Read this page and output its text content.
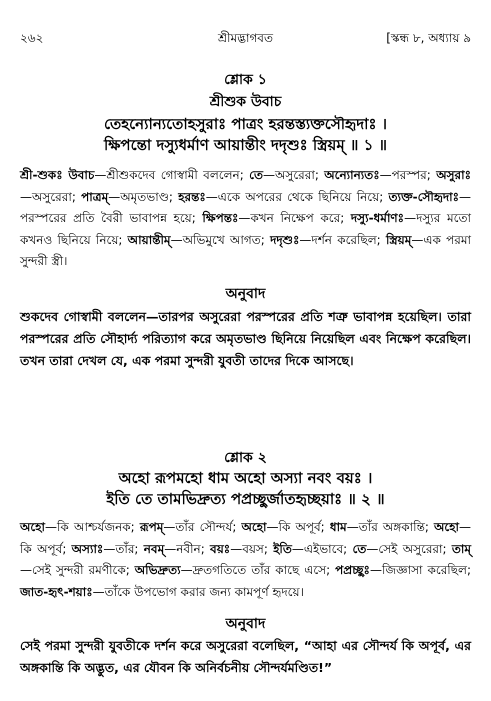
২৬২	শ্রীমদ্ভাগবত	[স্কন্ধ ৮, অধ্যায় ৯
শ্লোক ১
শ্রীশুক উবাচ
তেহন্যোন্যতোহসুরাঃ পাত্রং হরন্তস্ত্যক্তসৌহৃদাঃ ।
ক্ষিপন্তো দস্যুধর্মাণ আয়ান্তীং দদৃশুঃ স্ত্রিয়ম্ ॥ ১ ॥
শ্রী-শুকঃ উবাচ—শ্রীশুকদেব গোস্বামী বললেন; তে—অসুরেরা; অন্যোন্যতঃ—পরস্পর; অসুরাঃ—অসুরেরা; পাত্রম্—অমৃতভাণ্ড; হরন্তঃ—একে অপরের থেকে ছিনিয়ে নিয়ে; ত্যক্ত-সৌহৃদাঃ—পরস্পরের প্রতি বৈরী ভাবাপন্ন হয়ে; ক্ষিপন্তঃ—কখন নিক্ষেপ করে; দস্যু-ধর্মাণঃ—দস্যুর মতো কখনও ছিনিয়ে নিয়ে; আয়ান্তীম্—অভিমুখে আগত; দদৃশুঃ—দর্শন করেছিল; স্ত্রিয়ম্—এক পরমা সুন্দরী স্ত্রী।
অনুবাদ
শুকদেব গোস্বামী বললেন—তারপর অসুরেরা পরস্পরের প্রতি শত্রু ভাবাপন্ন হয়েছিল। তারা পরস্পরের প্রতি সৌহার্দ্য পরিত্যাগ করে অমৃতভাণ্ড ছিনিয়ে নিয়েছিল এবং নিক্ষেপ করেছিল। তখন তারা দেখল যে, এক পরমা সুন্দরী যুবতী তাদের দিকে আসছে।
শ্লোক ২
অহো রূপমহো ধাম অহো অস্যা নবং বয়ঃ ।
ইতি তে তামভিদ্রুত্য পপ্রচ্ছুর্জাতহৃচ্ছয়াঃ ॥ ২ ॥
অহো—কি আশ্চর্যজনক; রূপম্—তাঁর সৌন্দর্য; অহো—কি অপূর্ব; ধাম—তাঁর অঙ্গকান্তি; অহো—কি অপূর্ব; অস্যাঃ—তাঁর; নবম্—নবীন; বয়ঃ—বয়স; ইতি—এইভাবে; তে—সেই অসুরেরা; তাম্—সেই সুন্দরী রমণীকে; অভিদ্রুত্য—দ্রুতগতিতে তাঁর কাছে এসে; পপ্রচ্ছুঃ—জিজ্ঞাসা করেছিল; জাত-হৃৎ-শয়াঃ—তাঁকে উপভোগ করার জন্য কামপূর্ণ হৃদয়ে।
অনুবাদ
সেই পরমা সুন্দরী যুবতীকে দর্শন করে অসুরেরা বলেছিল, “আহা এর সৌন্দর্য কি অপূর্ব, এর অঙ্গকান্তি কি অদ্ভুত, এর যৌবন কি অনির্বচনীয় সৌন্দর্যমণ্ডিত!”
